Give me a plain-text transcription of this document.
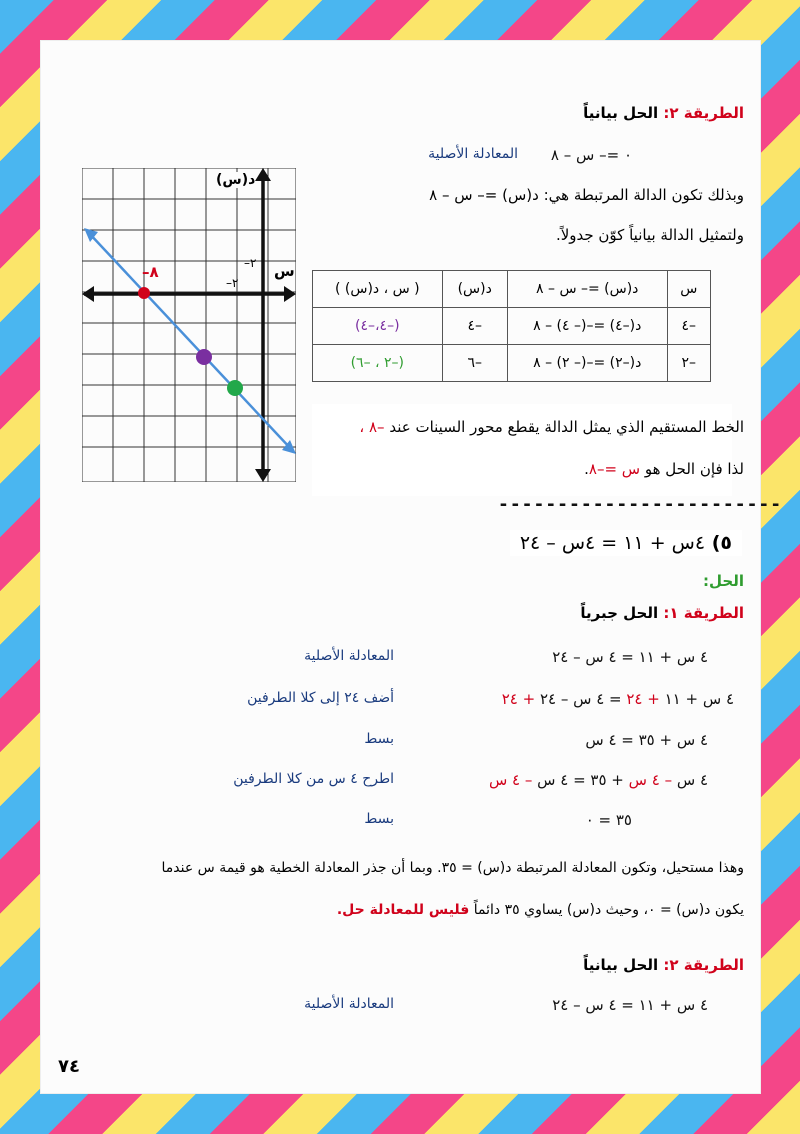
الطريقة ٢: الحل بيانياً
٠ =– س – ٨
المعادلة الأصلية
وبذلك تكون الدالة المرتبطة هي: د(س) =– س – ٨
ولتمثيل الدالة بيانياً كوّن جدولاً.
د(س)
س
–٢
–٢
–٨
س	د(س) =– س – ٨	د(س)	( س ، د(س) )
–٤	د(–٤) =–(– ٤) – ٨	–٤	(–٤،–٤)
–٢	د(–٢) =–(– ٢) – ٨	–٦	(–٢ ، –٦)
الخط المستقيم الذي يمثل الدالة يقطع محور السينات عند –٨ ،
لذا فإن الحل هو س =–٨.
------------------------
٥) ٤س + ١١ = ٤س – ٢٤
الحل:
الطريقة ١: الحل جبرياً
٤ س + ١١ = ٤ س – ٢٤
المعادلة الأصلية
٤ س + ١١ + ٢٤ = ٤ س – ٢٤ + ٢٤
أضف ٢٤ إلى كلا الطرفين
٤ س + ٣٥ = ٤ س
بسط
٤ س – ٤ س + ٣٥ = ٤ س – ٤ س
اطرح ٤ س من كلا الطرفين
٣٥ = ٠
بسط
وهذا مستحيل، وتكون المعادلة المرتبطة د(س) = ٣٥. وبما أن جذر المعادلة الخطية هو قيمة س عندما
يكون د(س) = ٠، وحيث د(س) يساوي ٣٥ دائماً فليس للمعادلة حل.
الطريقة ٢: الحل بيانياً
٤ س + ١١ = ٤ س – ٢٤
المعادلة الأصلية
٧٤
